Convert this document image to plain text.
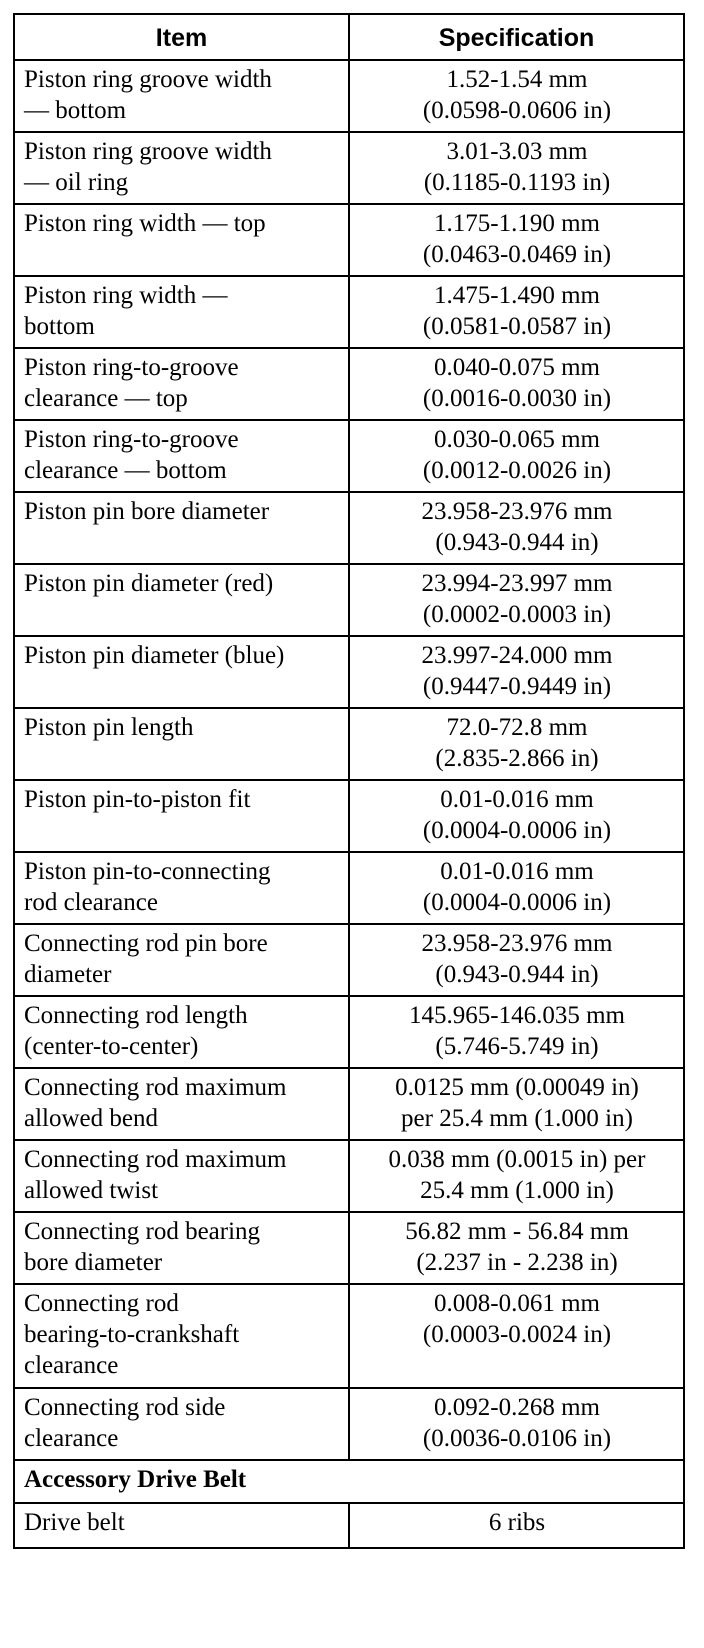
Item	Specification

Piston ring groove width
— bottom	1.52-1.54 mm
(0.0598-0.0606 in)

Piston ring groove width
— oil ring	3.01-3.03 mm
(0.1185-0.1193 in)

Piston ring width — top	1.175-1.190 mm
(0.0463-0.0469 in)

Piston ring width —
bottom	1.475-1.490 mm
(0.0581-0.0587 in)

Piston ring-to-groove
clearance — top	0.040-0.075 mm
(0.0016-0.0030 in)

Piston ring-to-groove
clearance — bottom	0.030-0.065 mm
(0.0012-0.0026 in)

Piston pin bore diameter	23.958-23.976 mm
(0.943-0.944 in)

Piston pin diameter (red)	23.994-23.997 mm
(0.0002-0.0003 in)

Piston pin diameter (blue)	23.997-24.000 mm
(0.9447-0.9449 in)

Piston pin length	72.0-72.8 mm
(2.835-2.866 in)

Piston pin-to-piston fit	0.01-0.016 mm
(0.0004-0.0006 in)

Piston pin-to-connecting
rod clearance	0.01-0.016 mm
(0.0004-0.0006 in)

Connecting rod pin bore
diameter	23.958-23.976 mm
(0.943-0.944 in)

Connecting rod length
(center-to-center)	145.965-146.035 mm
(5.746-5.749 in)

Connecting rod maximum
allowed bend	0.0125 mm (0.00049 in)
per 25.4 mm (1.000 in)

Connecting rod maximum
allowed twist	0.038 mm (0.0015 in) per
25.4 mm (1.000 in)

Connecting rod bearing
bore diameter	56.82 mm - 56.84 mm
(2.237 in - 2.238 in)

Connecting rod
bearing-to-crankshaft
clearance	0.008-0.061 mm
(0.0003-0.0024 in)

Connecting rod side
clearance	0.092-0.268 mm
(0.0036-0.0106 in)

Accessory Drive Belt	
Drive belt	6 ribs
